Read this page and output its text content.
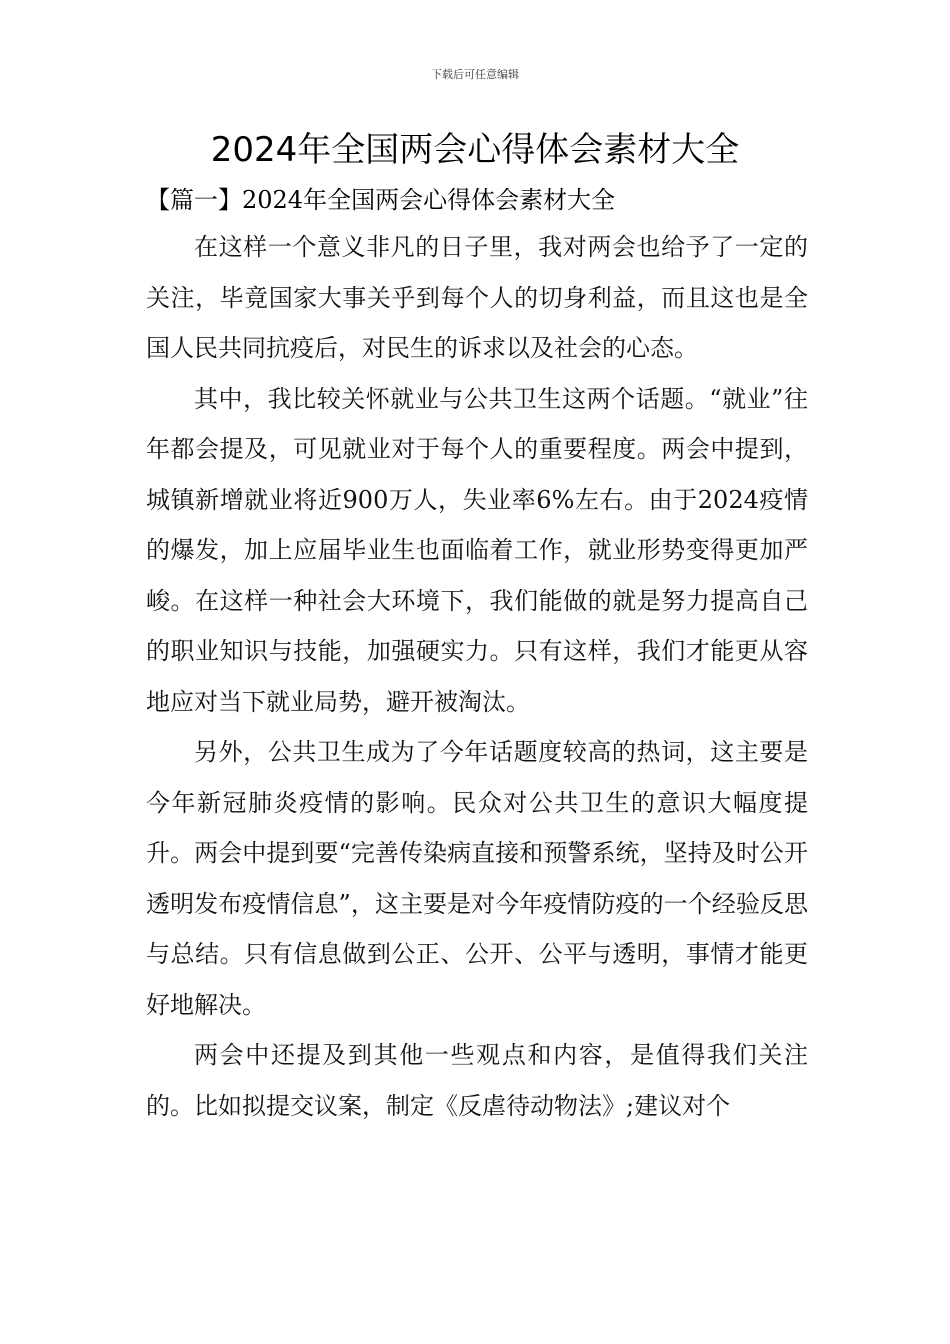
下载后可任意编辑
2024年全国两会心得体会素材大全
【篇一】2024年全国两会心得体会素材大全

在这样一个意义非凡的日子里，我对两会也给予了一定的关注，毕竟国家大事关乎到每个人的切身利益，而且这也是全国人民共同抗疫后，对民生的诉求以及社会的心态。

其中，我比较关怀就业与公共卫生这两个话题。“就业”往年都会提及，可见就业对于每个人的重要程度。两会中提到，城镇新增就业将近900万人，失业率6%左右。由于2024疫情的爆发，加上应届毕业生也面临着工作，就业形势变得更加严峻。在这样一种社会大环境下，我们能做的就是努力提高自己的职业知识与技能，加强硬实力。只有这样，我们才能更从容地应对当下就业局势，避开被淘汰。

另外，公共卫生成为了今年话题度较高的热词，这主要是今年新冠肺炎疫情的影响。民众对公共卫生的意识大幅度提升。两会中提到要“完善传染病直接和预警系统，坚持及时公开透明发布疫情信息”，这主要是对今年疫情防疫的一个经验反思与总结。只有信息做到公正、公开、公平与透明，事情才能更好地解决。

两会中还提及到其他一些观点和内容，是值得我们关注的。比如拟提交议案，制定《反虐待动物法》;建议对个
